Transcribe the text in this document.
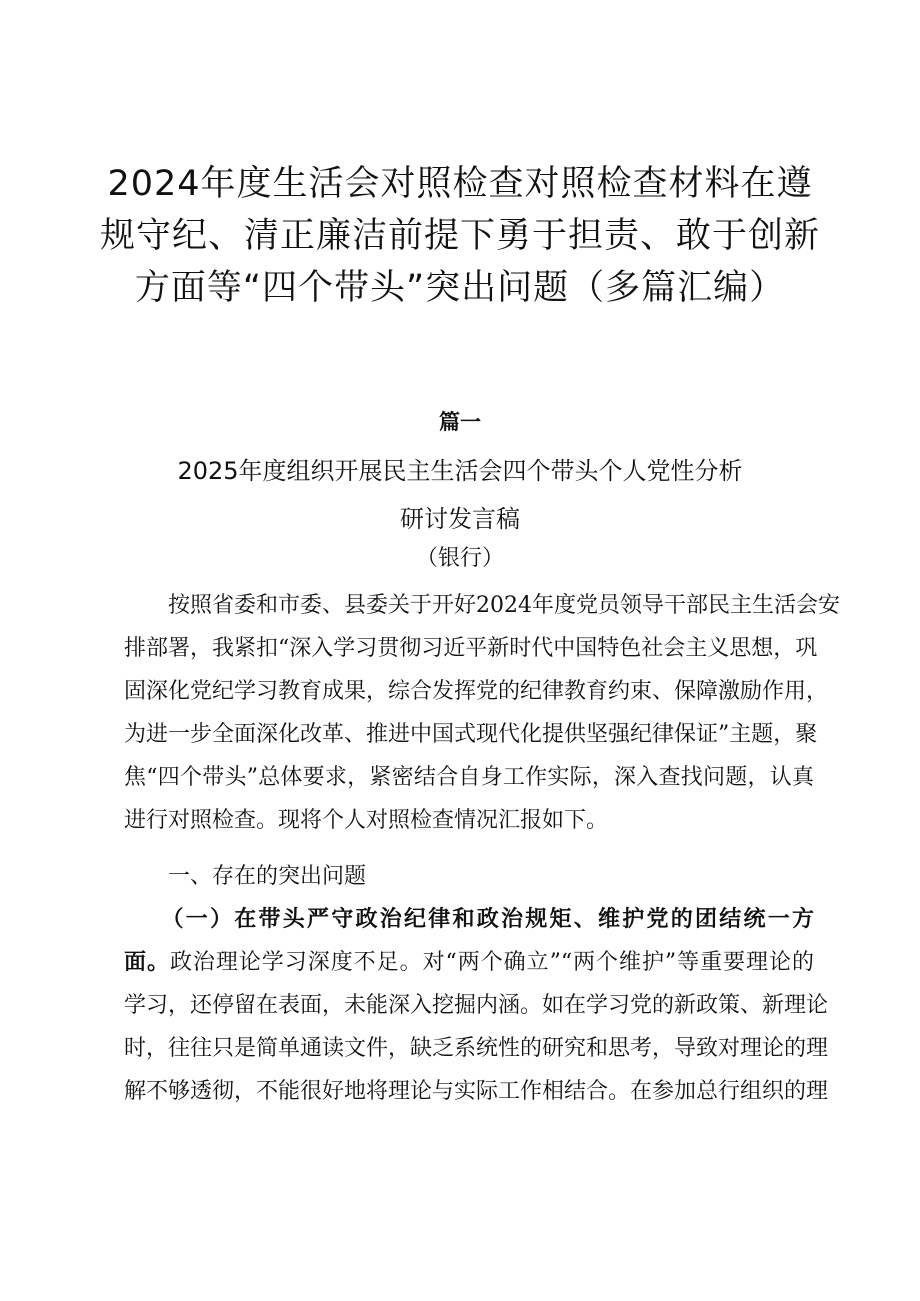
2024年度生活会对照检查对照检查材料在遵
规守纪、清正廉洁前提下勇于担责、敢于创新
方面等“四个带头”突出问题（多篇汇编）
篇一
2025年度组织开展民主生活会四个带头个人党性分析
研讨发言稿
（银行）
　　按照省委和市委、县委关于开好2024年度党员领导干部民主生活会安
排部署，我紧扣“深入学习贯彻习近平新时代中国特色社会主义思想，巩
固深化党纪学习教育成果，综合发挥党的纪律教育约束、保障激励作用，
为进一步全面深化改革、推进中国式现代化提供坚强纪律保证”主题，聚
焦“四个带头”总体要求，紧密结合自身工作实际，深入查找问题，认真
进行对照检查。现将个人对照检查情况汇报如下。
一、存在的突出问题
　　（一）在带头严守政治纪律和政治规矩、维护党的团结统一方
面。政治理论学习深度不足。对“两个确立”“两个维护”等重要理论的
学习，还停留在表面，未能深入挖掘内涵。如在学习党的新政策、新理论
时，往往只是简单通读文件，缺乏系统性的研究和思考，导致对理论的理
解不够透彻，不能很好地将理论与实际工作相结合。在参加总行组织的理
